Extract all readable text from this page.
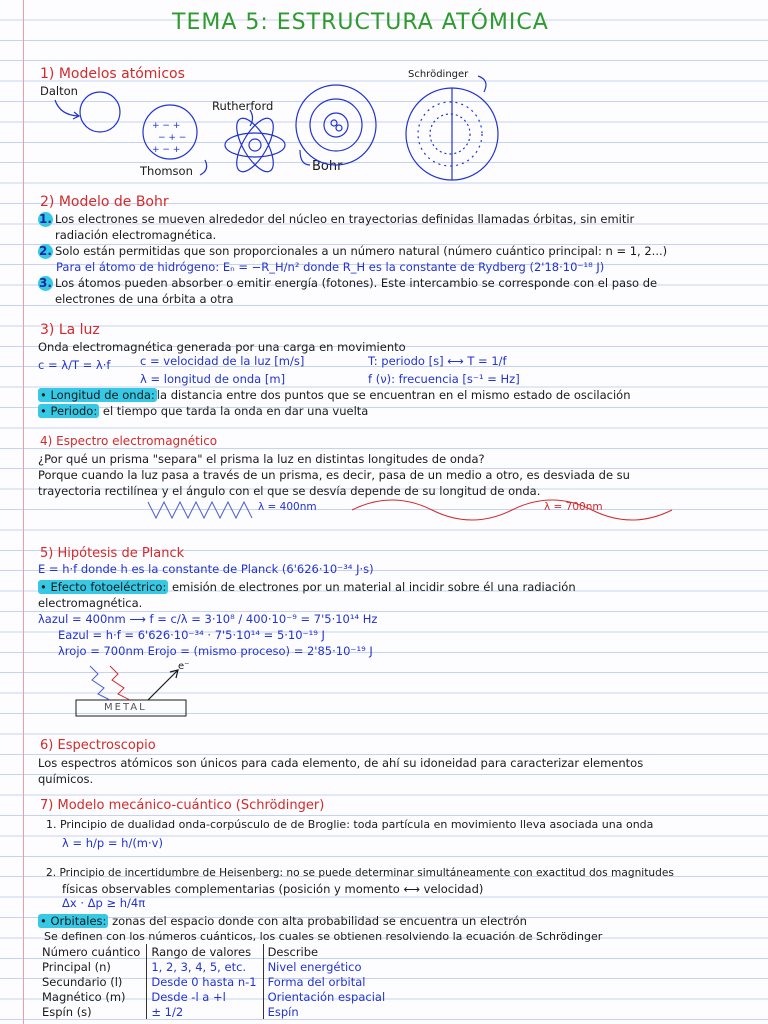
TEMA 5: ESTRUCTURA ATÓMICA
1) Modelos atómicos
Dalton
Thomson
Rutherford
Bohr
Schrödinger
+ − +
− + −
+ − +
2) Modelo de Bohr
1. Los electrones se mueven alrededor del núcleo en trayectorias definidas llamadas órbitas, sin emitir
radiación electromagnética.
2. Solo están permitidas que son proporcionales a un número natural (número cuántico principal: n = 1, 2...)
Para el átomo de hidrógeno: Eₙ = −R_H/n² donde R_H es la constante de Rydberg (2'18·10⁻¹⁸ J)
3. Los átomos pueden absorber o emitir energía (fotones). Este intercambio se corresponde con el paso de
electrones de una órbita a otra
3) La luz
Onda electromagnética generada por una carga en movimiento
c = λ/T = λ·f	c = velocidad de la luz [m/s]	T: periodo [s] ⟷ T = 1/f
λ = longitud de onda [m]	f (ν): frecuencia [s⁻¹ = Hz]
• Longitud de onda: la distancia entre dos puntos que se encuentran en el mismo estado de oscilación
• Periodo: el tiempo que tarda la onda en dar una vuelta
4) Espectro electromagnético
¿Por qué un prisma "separa" el prisma la luz en distintas longitudes de onda?
Porque cuando la luz pasa a través de un prisma, es decir, pasa de un medio a otro, es desviada de su
trayectoria rectilínea y el ángulo con el que se desvía depende de su longitud de onda.
λ = 400nm	λ = 700nm
5) Hipótesis de Planck
E = h·f donde h es la constante de Planck (6'626·10⁻³⁴ J·s)
• Efecto fotoeléctrico: emisión de electrones por un material al incidir sobre él una radiación
electromagnética.
λazul = 400nm ⟶ f = c/λ = 3·10⁸ / 400·10⁻⁹ = 7'5·10¹⁴ Hz
Eazul = h·f = 6'626·10⁻³⁴ · 7'5·10¹⁴ = 5·10⁻¹⁹ J
λrojo = 700nm Erojo = (mismo proceso) = 2'85·10⁻¹⁹ J
METAL
e⁻
6) Espectroscopio
Los espectros atómicos son únicos para cada elemento, de ahí su idoneidad para caracterizar elementos
químicos.
7) Modelo mecánico-cuántico (Schrödinger)
1. Principio de dualidad onda-corpúsculo de de Broglie: toda partícula en movimiento lleva asociada una onda
λ = h/p = h/(m·v)
2. Principio de incertidumbre de Heisenberg: no se puede determinar simultáneamente con exactitud dos magnitudes
físicas observables complementarias (posición y momento ⟷ velocidad)
Δx · Δp ≥ h/4π
• Orbitales: zonas del espacio donde con alta probabilidad se encuentra un electrón
Se definen con los números cuánticos, los cuales se obtienen resolviendo la ecuación de Schrödinger
Número cuántico	Rango de valores	Describe
Principal (n)	1, 2, 3, 4, 5, etc.	Nivel energético
Secundario (l)	Desde 0 hasta n-1	Forma del orbital
Magnético (m)	Desde -l a +l	Orientación espacial
Espín (s)	± 1/2	Espín
